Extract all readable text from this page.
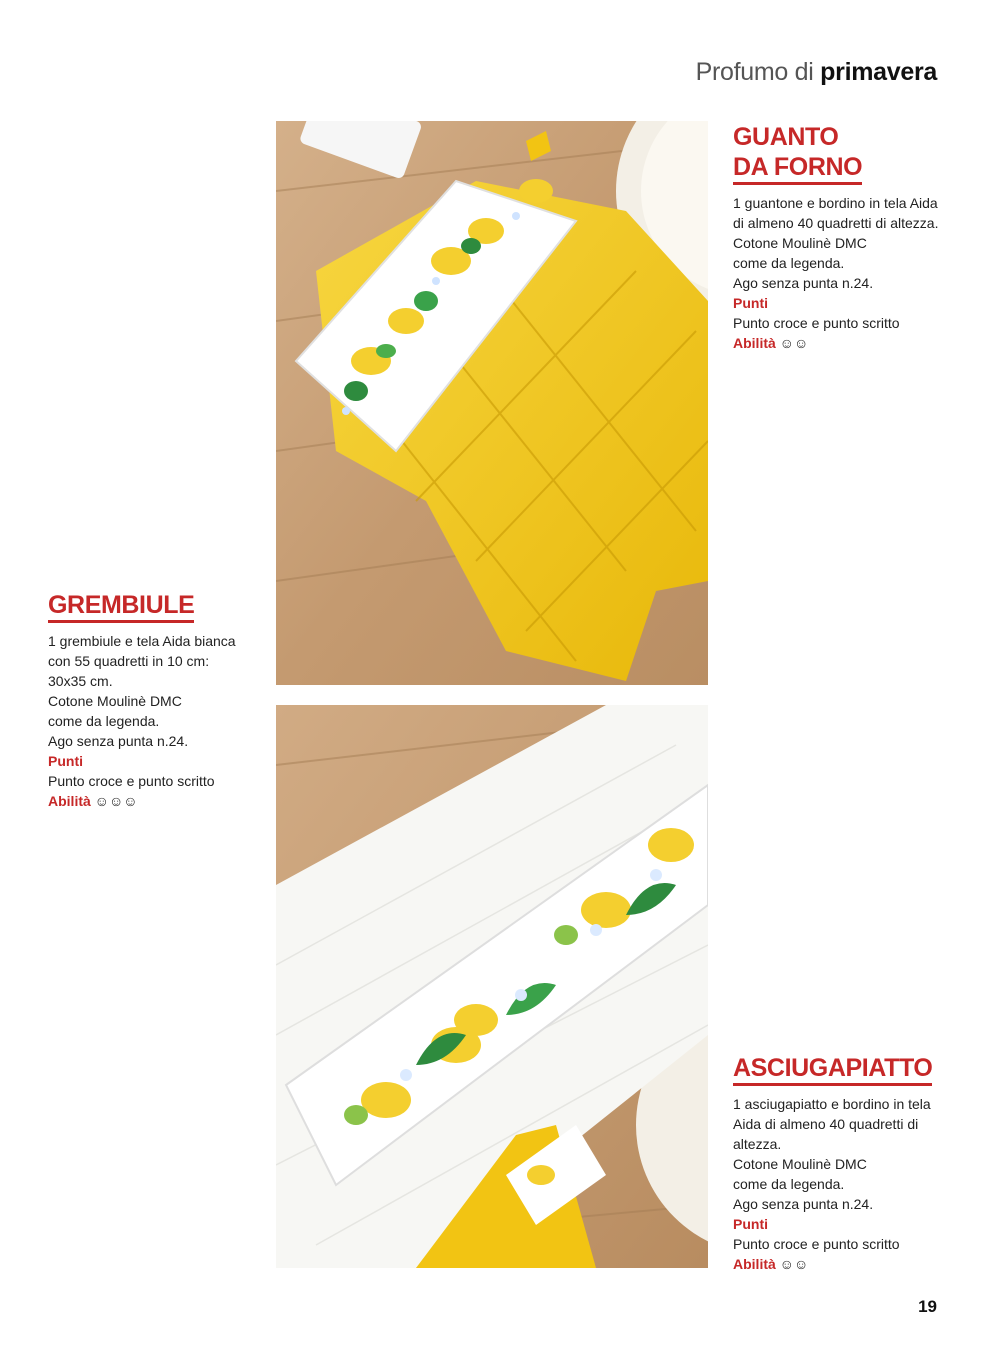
Profumo di primavera
GUANTO
DA FORNO

1 guantone e bordino in tela Aida

di almeno 40 quadretti di altezza.

Cotone Moulinè DMC

come da legenda.

Ago senza punta n.24.

Punti

Punto croce e punto scritto

Abilità ☺☺

GREMBIULE

1 grembiule e tela Aida bianca

con 55 quadretti in 10 cm:

30x35 cm.

Cotone Moulinè DMC

come da legenda.

Ago senza punta n.24.

Punti

Punto croce e punto scritto

Abilità ☺☺☺

ASCIUGAPIATTO

1 asciugapiatto e bordino in tela

Aida di almeno 40 quadretti di

altezza.

Cotone Moulinè DMC

come da legenda.

Ago senza punta n.24.

Punti

Punto croce e punto scritto

Abilità ☺☺

19
